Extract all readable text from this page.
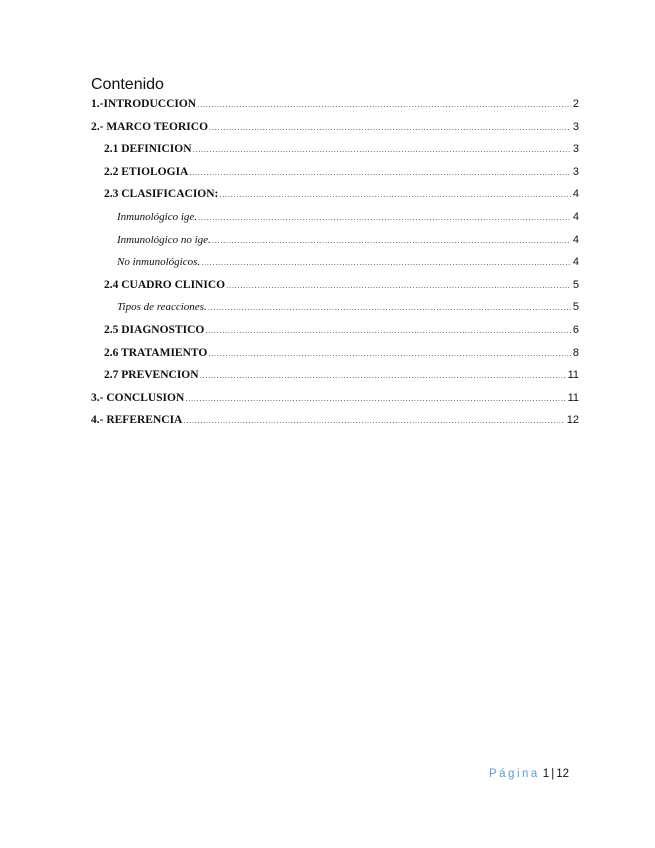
Contenido
1.-INTRODUCCION .....	2
2.- MARCO TEORICO .....	3
2.1 DEFINICION .....	3
2.2 ETIOLOGIA .....	3
2.3 CLASIFICACION: .....	4
Inmunológico ige. .....	4
Inmunológico no ige. .....	4
No inmunológicos. .....	4
2.4 CUADRO CLINICO .....	5
Tipos de reacciones. .....	5
2.5 DIAGNOSTICO .....	6
2.6 TRATAMIENTO .....	8
2.7 PREVENCION .....	11
3.- CONCLUSION .....	11
4.- REFERENCIA .....	12
Página 1 | 12
